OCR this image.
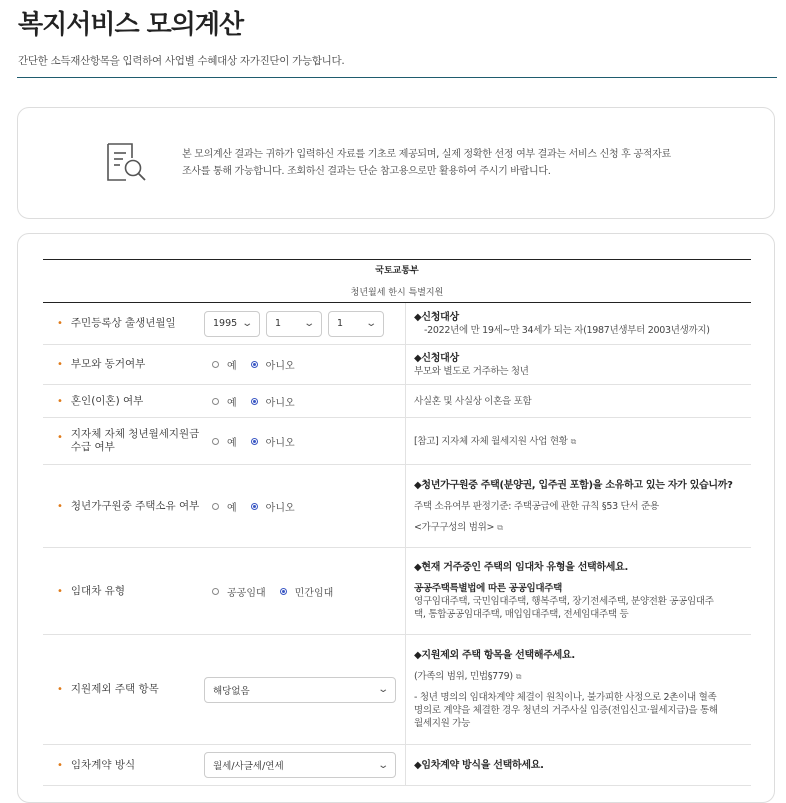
복지서비스 모의계산
간단한 소득재산항목을 입력하여 사업별 수혜대상 자가진단이 가능합니다.
본 모의계산 결과는 귀하가 입력하신 자료를 기초로 제공되며, 실제 정확한 선정 여부 결과는 서비스 신청 후 공적자료
조사를 통해 가능합니다. 조회하신 결과는 단순 참고용으로만 활용하여 주시기 바랍니다.
국토교통부
청년월세 한시 특별지원
• 주민등록상 출생년월일	1995 ⌄ 1 ⌄ 1 ⌄
◆신청대상
-2022년에 만 19세~만 34세가 되는 자(1987년생부터 2003년생까지)
• 부모와 동거여부	예	아니오
◆신청대상
부모와 별도로 거주하는 청년
• 혼인(이혼) 여부	예	아니오	사실혼 및 사실상 이혼을 포함
• 지자체 자체 청년월세지원금
수급 여부	예	아니오	[참고] 지자체 자체 월세지원 사업 현황 ⧉
• 청년가구원중 주택소유 여부	예	아니오
◆청년가구원중 주택(분양권, 입주권 포함)을 소유하고 있는 자가 있습니까?
주택 소유여부 판정기준: 주택공급에 관한 규칙 §53 단서 준용
<가구구성의 범위> ⧉
• 임대차 유형	공공임대	민간임대
◆현재 거주중인 주택의 임대차 유형을 선택하세요.
공공주택특별법에 따른 공공임대주택
영구임대주택, 국민임대주택, 행복주택, 장기전세주택, 분양전환 공공임대주
택, 통합공공임대주택, 매입임대주택, 전세임대주택 등
• 지원제외 주택 항목	해당없음	⌄
◆지원제외 주택 항목을 선택해주세요.
(가족의 범위, 민법§779) ⧉
- 청년 명의의 임대차계약 체결이 원칙이나, 불가피한 사정으로 2촌이내 혈족
명의로 계약을 체결한 경우 청년의 거주사실 입증(전입신고·월세지급)을 통해
월세지원 가능
• 임차계약 방식	월세/사글세/연세	⌄	◆임차계약 방식을 선택하세요.
